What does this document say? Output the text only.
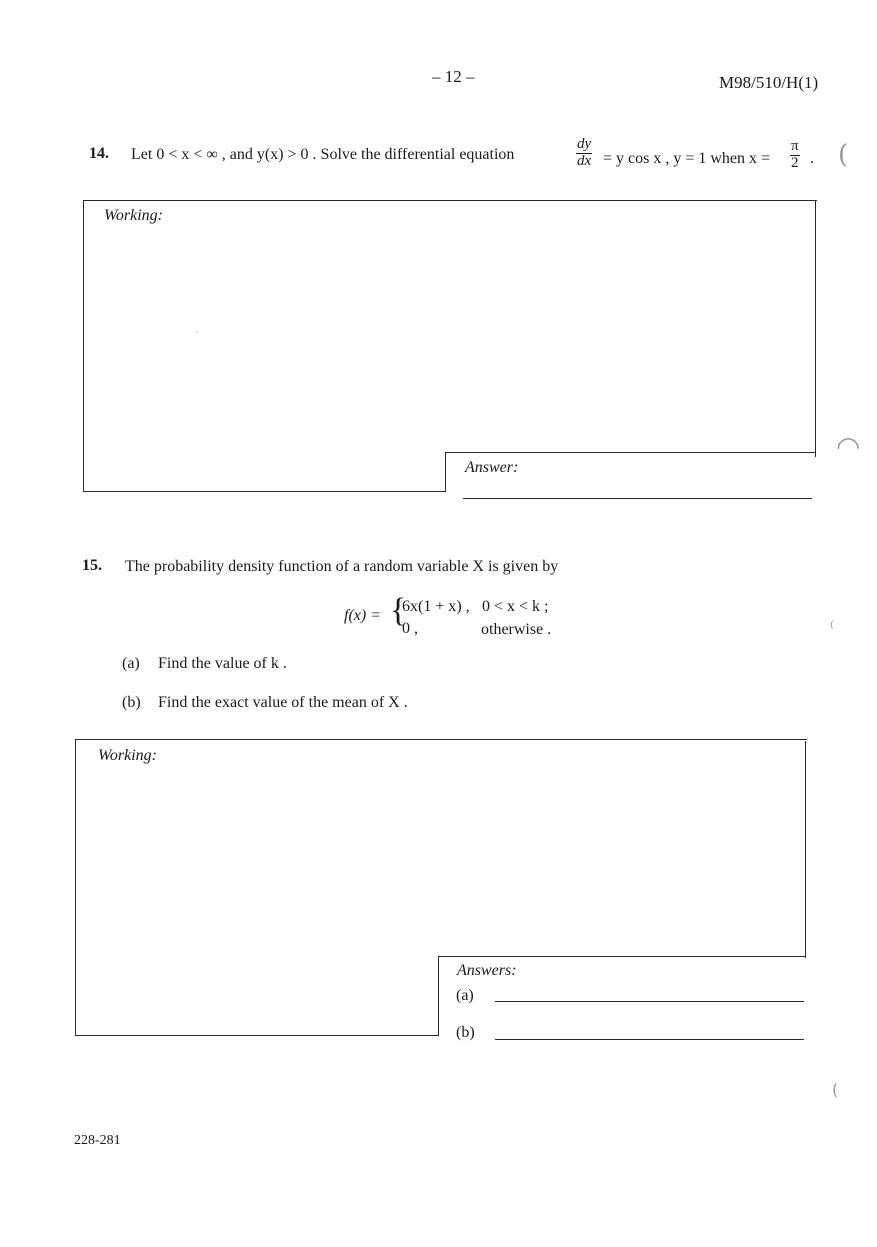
– 12 –	M98/510/H(1)
14. Let 0 < x < ∞ , and y(x) > 0 . Solve the differential equation	$\frac{dy}{dx} = y$ cos x , y = 1 when $x = \frac{\pi}{2}$ .
Working:
Answer:
15. The probability density function of a random variable X is given by
f(x) = {
6x(1 + x) , 0 < x < k ;
0 ,	otherwise .
(a) Find the value of k .
(b) Find the exact value of the mean of X .
Working:
Answers:
(a)
(b)
228-281
(
◠
'
(
(
